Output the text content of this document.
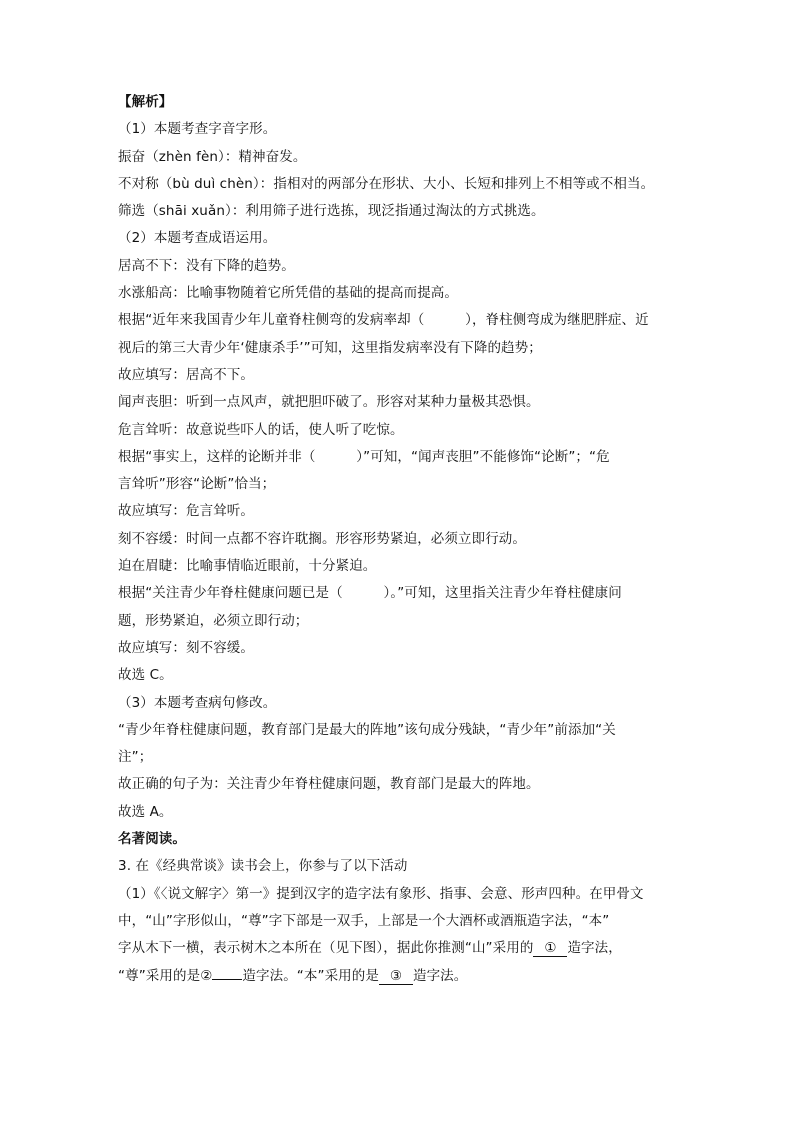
【解析】
（1）本题考查字音字形。
振奋（zhèn fèn）：精神奋发。
不对称（bù duì chèn）：指相对的两部分在形状、大小、长短和排列上不相等或不相当。
筛选（shāi xuǎn）：利用筛子进行选拣，现泛指通过淘汰的方式挑选。
（2）本题考查成语运用。
居高不下：没有下降的趋势。
水涨船高：比喻事物随着它所凭借的基础的提高而提高。
根据“近年来我国青少年儿童脊柱侧弯的发病率却（　　　），脊柱侧弯成为继肥胖症、近
视后的第三大青少年‘健康杀手’”可知，这里指发病率没有下降的趋势；
故应填写：居高不下。
闻声丧胆：听到一点风声，就把胆吓破了。形容对某种力量极其恐惧。
危言耸听：故意说些吓人的话，使人听了吃惊。
根据“事实上，这样的论断并非（　　　）”可知，“闻声丧胆”不能修饰“论断”；“危
言耸听”形容“论断”恰当；
故应填写：危言耸听。
刻不容缓：时间一点都不容许耽搁。形容形势紧迫，必须立即行动。
迫在眉睫：比喻事情临近眼前，十分紧迫。
根据“关注青少年脊柱健康问题已是（　　　）。”可知，这里指关注青少年脊柱健康问
题，形势紧迫，必须立即行动；
故应填写：刻不容缓。
故选 C。
（3）本题考查病句修改。
“青少年脊柱健康问题，教育部门是最大的阵地”该句成分残缺，“青少年”前添加“关
注”；
故正确的句子为：关注青少年脊柱健康问题，教育部门是最大的阵地。
故选 A。
名著阅读。
3. 在《经典常谈》读书会上，你参与了以下活动
（1）《〈说文解字〉第一》提到汉字的造字法有象形、指事、会意、形声四种。在甲骨文
中，“山”字形似山，“尊”字下部是一双手，上部是一个大酒杯或酒瓶造字法，“本”
字从木下一横，表示树木之本所在（见下图），据此你推测“山”采用的 ① 造字法，
“尊”采用的是② 造字法。“本”采用的是 ③ 造字法。
